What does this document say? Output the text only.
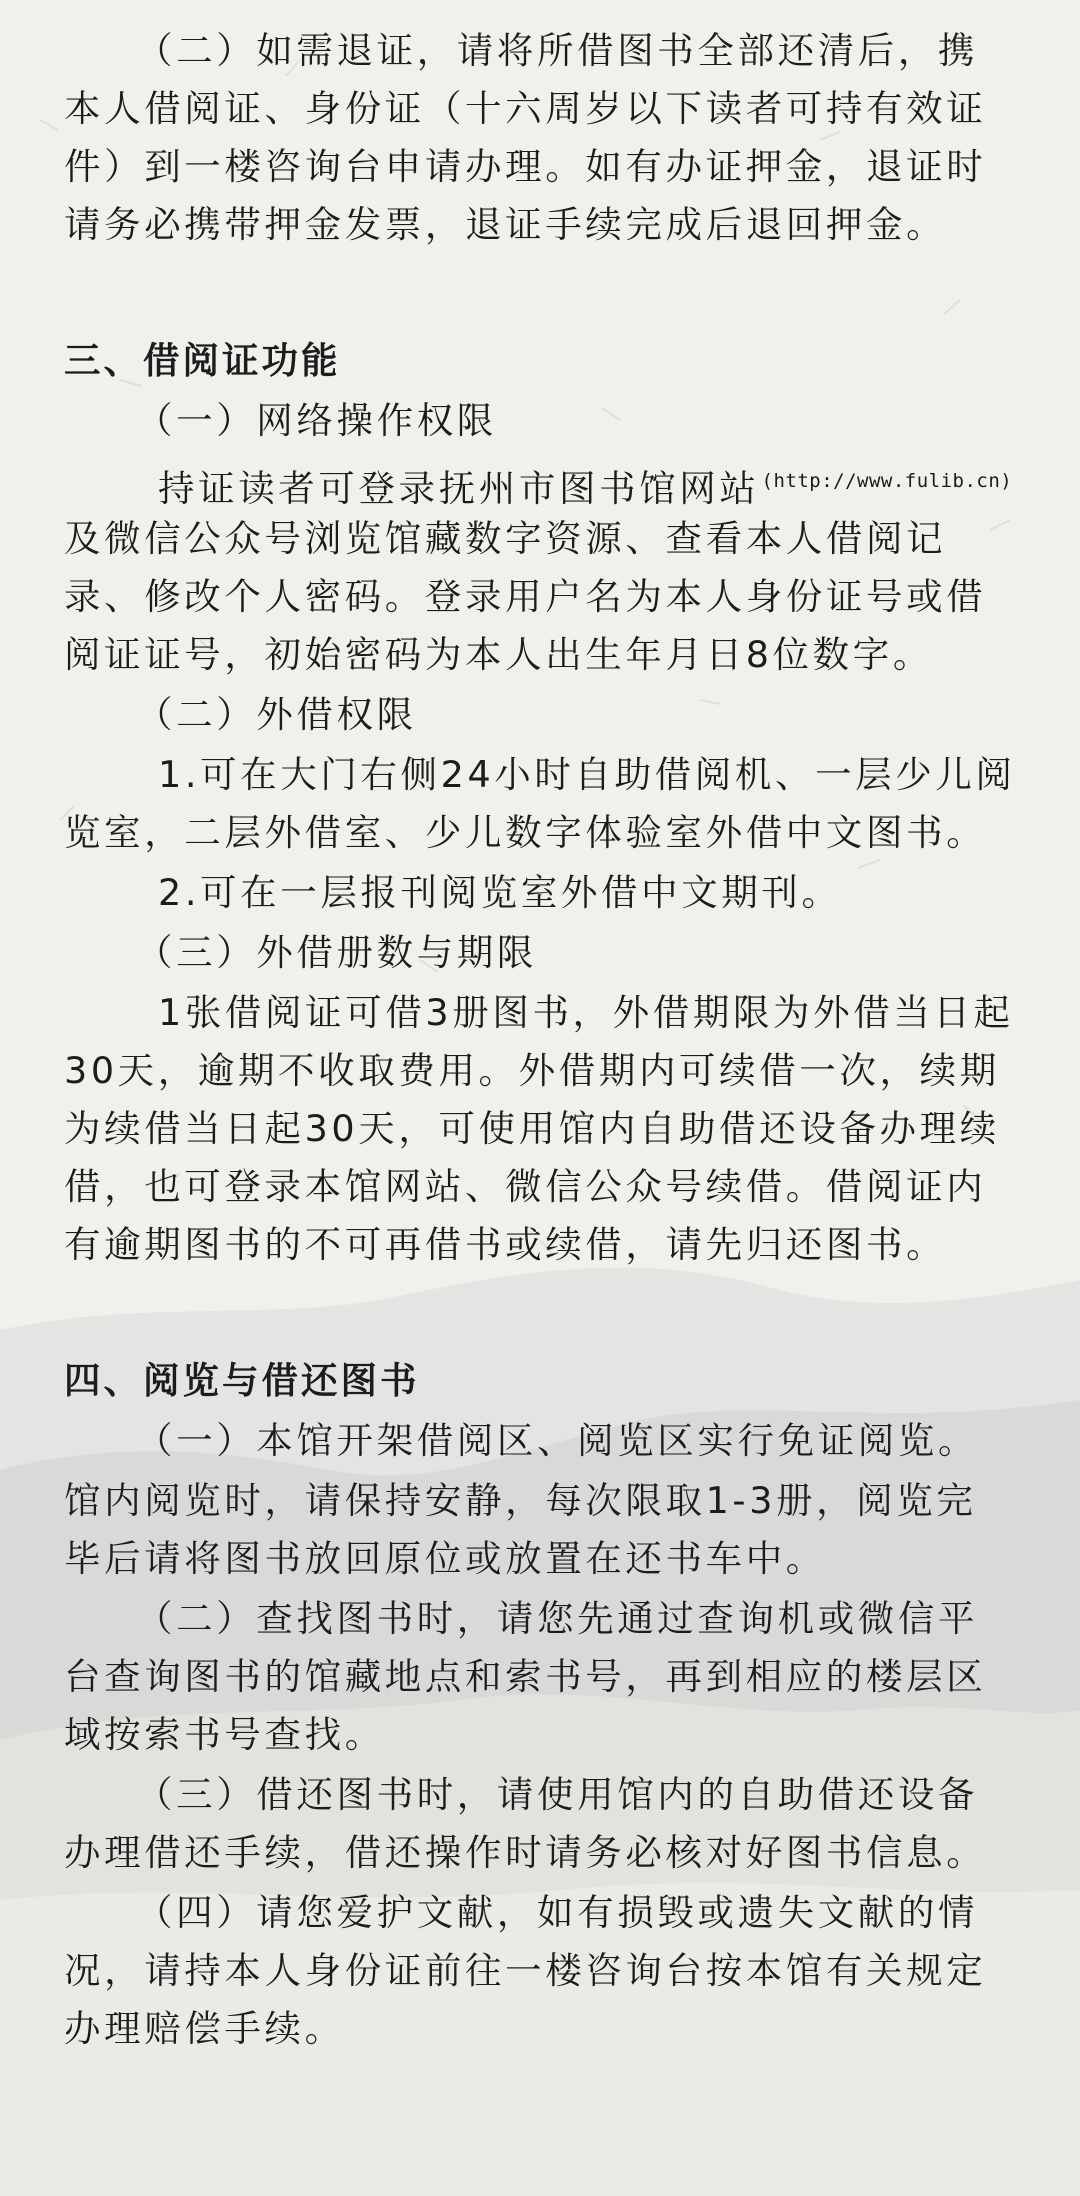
（二）如需退证，请将所借图书全部还清后，携
本人借阅证、身份证（十六周岁以下读者可持有效证
件）到一楼咨询台申请办理。如有办证押金，退证时
请务必携带押金发票，退证手续完成后退回押金。
三、借阅证功能
（一）网络操作权限
持证读者可登录抚州市图书馆网站 $^{(http://www.fulib.cn)}$
及微信公众号浏览馆藏数字资源、查看本人借阅记
录、修改个人密码。登录用户名为本人身份证号或借
阅证证号，初始密码为本人出生年月日8位数字。
（二）外借权限
1.可在大门右侧24小时自助借阅机、一层少儿阅
览室，二层外借室、少儿数字体验室外借中文图书。
2.可在一层报刊阅览室外借中文期刊。
（三）外借册数与期限
1张借阅证可借3册图书，外借期限为外借当日起
30天，逾期不收取费用。外借期内可续借一次，续期
为续借当日起30天，可使用馆内自助借还设备办理续
借，也可登录本馆网站、微信公众号续借。借阅证内
有逾期图书的不可再借书或续借，请先归还图书。
四、阅览与借还图书
（一）本馆开架借阅区、阅览区实行免证阅览。
馆内阅览时，请保持安静，每次限取1-3册，阅览完
毕后请将图书放回原位或放置在还书车中。
（二）查找图书时，请您先通过查询机或微信平
台查询图书的馆藏地点和索书号，再到相应的楼层区
域按索书号查找。
（三）借还图书时，请使用馆内的自助借还设备
办理借还手续，借还操作时请务必核对好图书信息。
（四）请您爱护文献，如有损毁或遗失文献的情
况，请持本人身份证前往一楼咨询台按本馆有关规定
办理赔偿手续。
